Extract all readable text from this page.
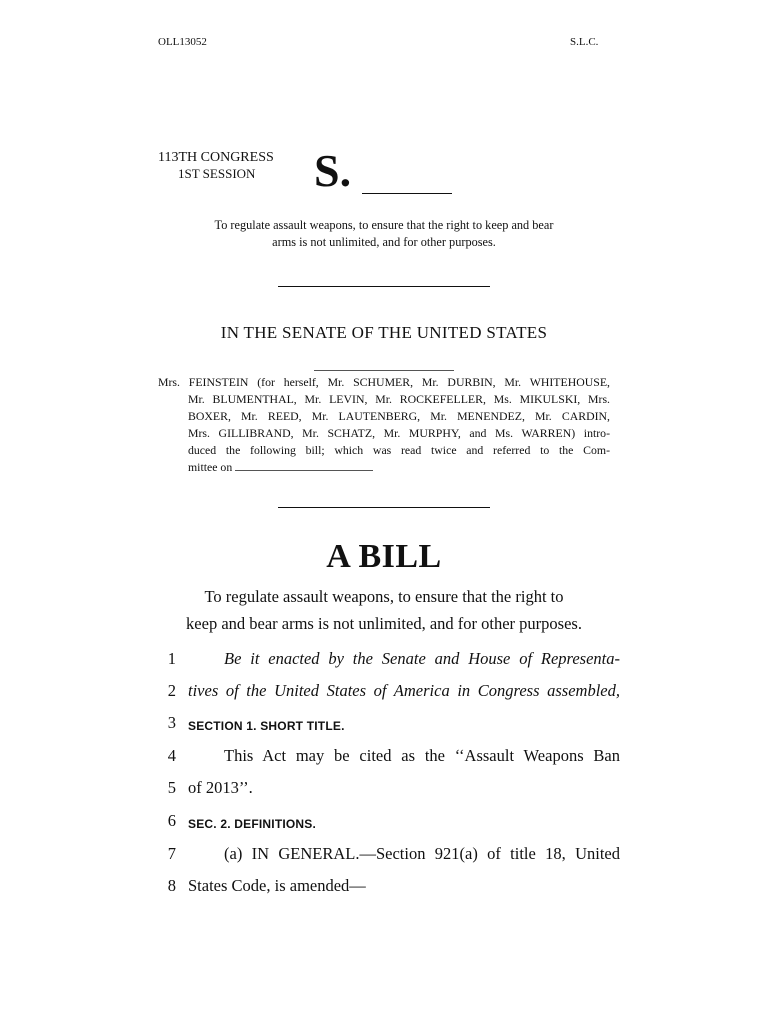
OLL13052	S.L.C.
113TH CONGRESS
1ST SESSION S.
To regulate assault weapons, to ensure that the right to keep and bear
arms is not unlimited, and for other purposes.
IN THE SENATE OF THE UNITED STATES

Mrs. FEINSTEIN (for herself, Mr. SCHUMER, Mr. DURBIN, Mr. WHITEHOUSE,

Mr. BLUMENTHAL, Mr. LEVIN, Mr. ROCKEFELLER, Ms. MIKULSKI, Mrs.

BOXER, Mr. REED, Mr. LAUTENBERG, Mr. MENENDEZ, Mr. CARDIN,

Mrs. GILLIBRAND, Mr. SCHATZ, Mr. MURPHY, and Ms. WARREN) intro-

duced the following bill; which was read twice and referred to the Com-

mittee on

A BILL
To regulate assault weapons, to ensure that the right to
keep and bear arms is not unlimited, and for other purposes.
1	Be it enacted by the Senate and House of Representa-
2 tives of the United States of America in Congress assembled,
3 SECTION 1. SHORT TITLE.
4	This Act may be cited as the ‘‘Assault Weapons Ban
5 of 2013’’.
6 SEC. 2. DEFINITIONS.
7	(a) IN GENERAL.—Section 921(a) of title 18, United
8 States Code, is amended—
